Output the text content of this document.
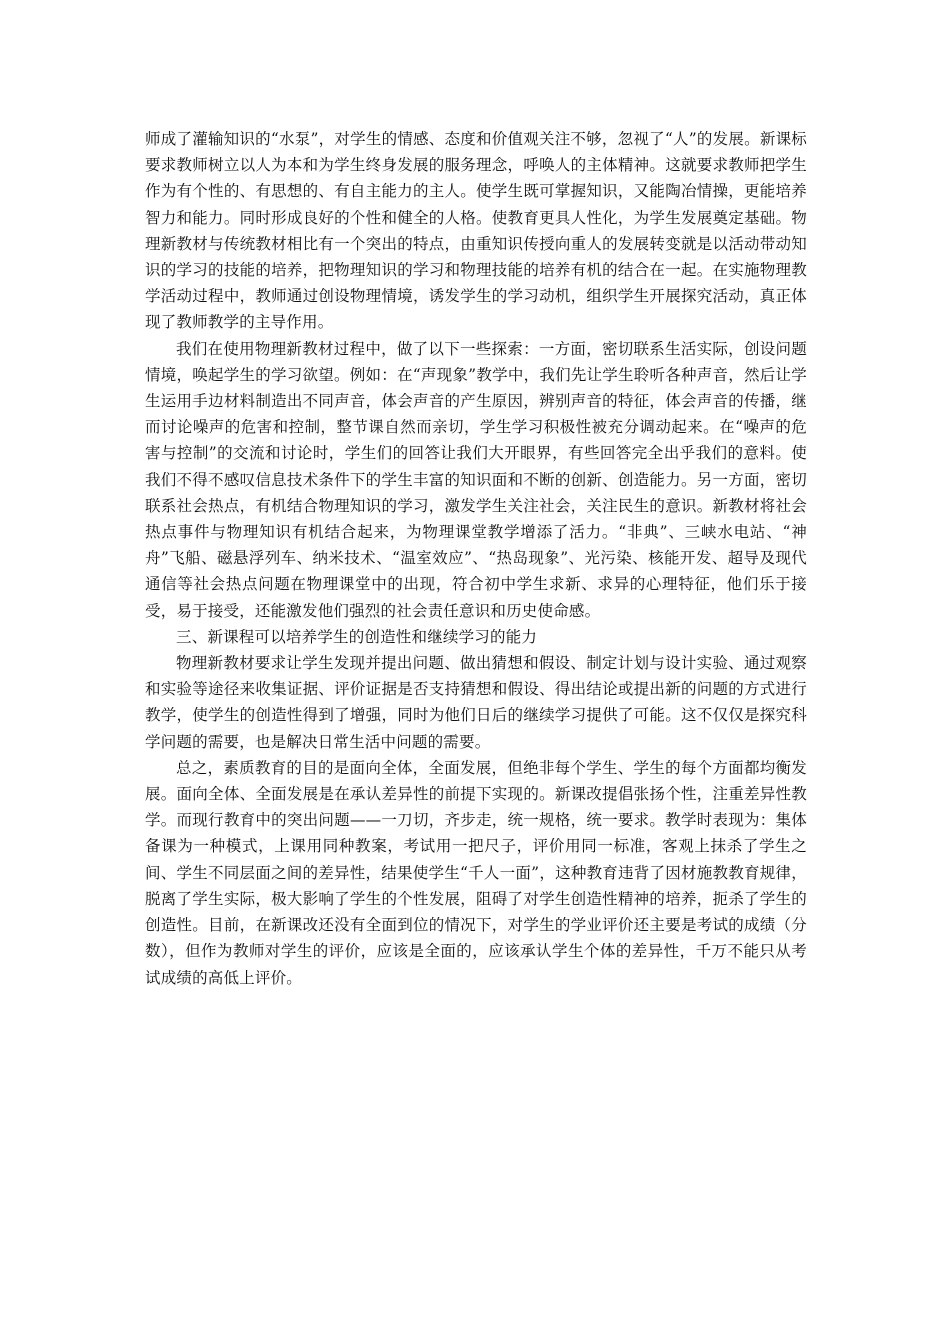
师成了灌输知识的“水泵”，对学生的情感、态度和价值观关注不够，忽视了“人”的发展。新课标要求教师树立以人为本和为学生终身发展的服务理念，呼唤人的主体精神。这就要求教师把学生作为有个性的、有思想的、有自主能力的主人。使学生既可掌握知识，又能陶冶情操，更能培养智力和能力。同时形成良好的个性和健全的人格。使教育更具人性化，为学生发展奠定基础。物理新教材与传统教材相比有一个突出的特点，由重知识传授向重人的发展转变就是以活动带动知识的学习的技能的培养，把物理知识的学习和物理技能的培养有机的结合在一起。在实施物理教学活动过程中，教师通过创设物理情境，诱发学生的学习动机，组织学生开展探究活动，真正体现了教师教学的主导作用。

我们在使用物理新教材过程中，做了以下一些探索：一方面，密切联系生活实际，创设问题情境，唤起学生的学习欲望。例如：在“声现象”教学中，我们先让学生聆听各种声音，然后让学生运用手边材料制造出不同声音，体会声音的产生原因，辨别声音的特征，体会声音的传播，继而讨论噪声的危害和控制，整节课自然而亲切，学生学习积极性被充分调动起来。在“噪声的危害与控制”的交流和讨论时，学生们的回答让我们大开眼界，有些回答完全出乎我们的意料。使我们不得不感叹信息技术条件下的学生丰富的知识面和不断的创新、创造能力。另一方面，密切联系社会热点，有机结合物理知识的学习，激发学生关注社会，关注民生的意识。新教材将社会热点事件与物理知识有机结合起来，为物理课堂教学增添了活力。“非典”、三峡水电站、“神舟”飞船、磁悬浮列车、纳米技术、“温室效应”、“热岛现象”、光污染、核能开发、超导及现代通信等社会热点问题在物理课堂中的出现，符合初中学生求新、求异的心理特征，他们乐于接受，易于接受，还能激发他们强烈的社会责任意识和历史使命感。

三、新课程可以培养学生的创造性和继续学习的能力

物理新教材要求让学生发现并提出问题、做出猜想和假设、制定计划与设计实验、通过观察和实验等途径来收集证据、评价证据是否支持猜想和假设、得出结论或提出新的问题的方式进行教学，使学生的创造性得到了增强，同时为他们日后的继续学习提供了可能。这不仅仅是探究科学问题的需要，也是解决日常生活中问题的需要。

总之，素质教育的目的是面向全体，全面发展，但绝非每个学生、学生的每个方面都均衡发展。面向全体、全面发展是在承认差异性的前提下实现的。新课改提倡张扬个性，注重差异性教学。而现行教育中的突出问题——一刀切，齐步走，统一规格，统一要求。教学时表现为：集体备课为一种模式，上课用同种教案，考试用一把尺子，评价用同一标准，客观上抹杀了学生之间、学生不同层面之间的差异性，结果使学生“千人一面”，这种教育违背了因材施教教育规律，脱离了学生实际，极大影响了学生的个性发展，阻碍了对学生创造性精神的培养，扼杀了学生的创造性。目前，在新课改还没有全面到位的情况下，对学生的学业评价还主要是考试的成绩（分数），但作为教师对学生的评价，应该是全面的，应该承认学生个体的差异性，千万不能只从考试成绩的高低上评价。
